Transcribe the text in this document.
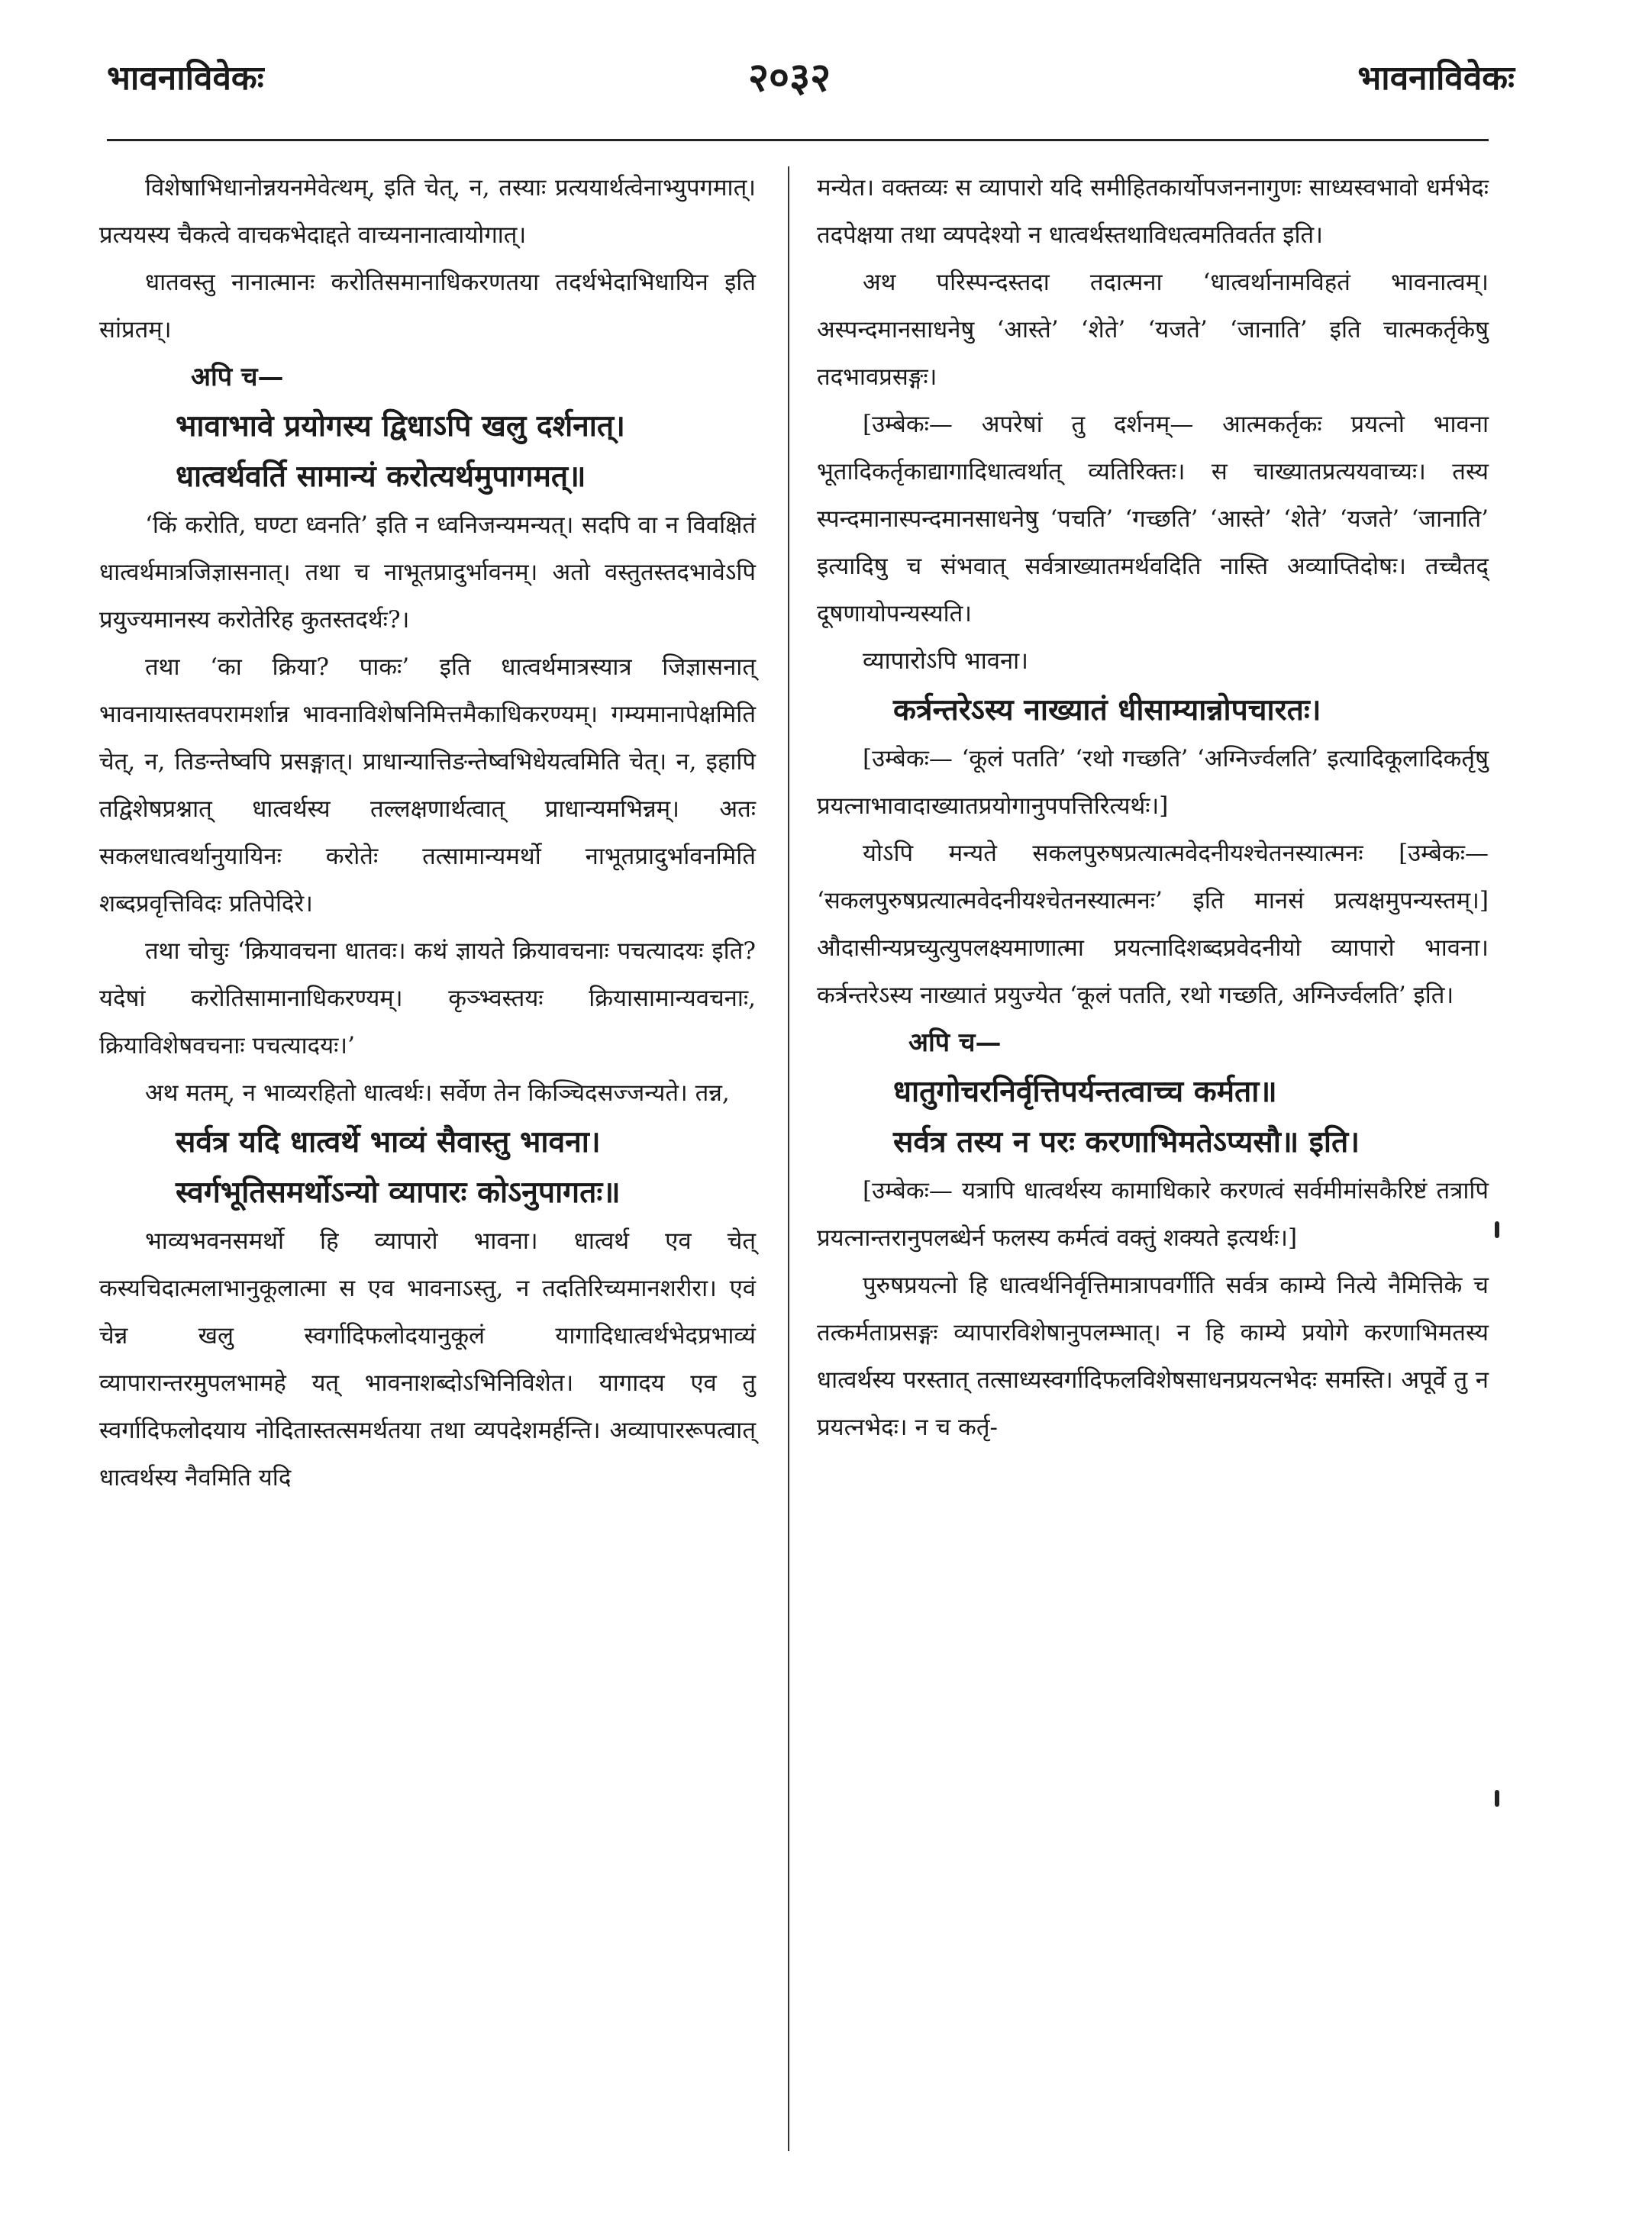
भावनाविवेकः	२०३२	भावनाविवेकः

विशेषाभिधानोन्नयनमेवेत्थम्, इति चेत्, न, तस्याः प्रत्ययार्थत्वेनाभ्युपगमात्। प्रत्ययस्य चैकत्वे वाचकभेदाद्दते वाच्यनानात्वायोगात्।

धातवस्तु नानात्मानः करोतिसमानाधिकरणतया तदर्थभेदाभिधायिन इति सांप्रतम्।

अपि च—

भावाभावे प्रयोगस्य द्विधाऽपि खलु दर्शनात्।

धात्वर्थवर्ति सामान्यं करोत्यर्थमुपागमत्॥

‘किं करोति, घण्टा ध्वनति’ इति न ध्वनिजन्यमन्यत्। सदपि वा न विवक्षितं धात्वर्थमात्रजिज्ञासनात्। तथा च नाभूतप्रादुर्भावनम्। अतो वस्तुतस्तदभावेऽपि प्रयुज्यमानस्य करोतेरिह कुतस्तदर्थः?।

तथा ‘का क्रिया? पाकः’ इति धात्वर्थमात्रस्यात्र जिज्ञासनात् भावनायास्तवपरामर्शान्न भावनाविशेषनिमित्तमैकाधिकरण्यम्। गम्यमानापेक्षमिति चेत्, न, तिङन्तेष्वपि प्रसङ्गात्। प्राधान्यात्तिङन्तेष्वभिधेयत्वमिति चेत्। न, इहापि तद्विशेषप्रश्नात् धात्वर्थस्य तल्लक्षणार्थत्वात् प्राधान्यमभिन्नम्। अतः सकलधात्वर्थानुयायिनः करोतेः तत्सामान्यमर्थो नाभूतप्रादुर्भावनमिति शब्दप्रवृत्तिविदः प्रतिपेदिरे।

तथा चोचुः ‘क्रियावचना धातवः। कथं ज्ञायते क्रियावचनाः पचत्यादयः इति? यदेषां करोतिसामानाधिकरण्यम्। कृञ्भ्वस्तयः क्रियासामान्यवचनाः, क्रियाविशेषवचनाः पचत्यादयः।’

अथ मतम्, न भाव्यरहितो धात्वर्थः। सर्वेण तेन किञ्चिदसज्जन्यते। तन्न,

सर्वत्र यदि धात्वर्थे भाव्यं सैवास्तु भावना।

स्वर्गभूतिसमर्थोऽन्यो व्यापारः कोऽनुपागतः॥

भाव्यभवनसमर्थो हि व्यापारो भावना। धात्वर्थ एव चेत् कस्यचिदात्मलाभानुकूलात्मा स एव भावनाऽस्तु, न तदतिरिच्यमानशरीरा। एवं चेन्न खलु स्वर्गादिफलोदयानुकूलं यागादिधात्वर्थभेदप्रभाव्यं व्यापारान्तरमुपलभामहे यत् भावनाशब्दोऽभिनिविशेत। यागादय एव तु स्वर्गादिफलोदयाय नोदितास्तत्समर्थतया तथा व्यपदेशमर्हन्ति। अव्यापाररूपत्वात् धात्वर्थस्य नैवमिति यदि

मन्येत। वक्तव्यः स व्यापारो यदि समीहितकार्योपजननागुणः साध्यस्वभावो धर्मभेदः तदपेक्षया तथा व्यपदेश्यो न धात्वर्थस्तथाविधत्वमतिवर्तत इति।

अथ परिस्पन्दस्तदा तदात्मना ‘धात्वर्थानामविहतं भावनात्वम्। अस्पन्दमानसाधनेषु ‘आस्ते’ ‘शेते’ ‘यजते’ ‘जानाति’ इति चात्मकर्तृकेषु तदभावप्रसङ्गः।

[उम्बेकः— अपरेषां तु दर्शनम्— आत्मकर्तृकः प्रयत्नो भावना भूतादिकर्तृकाद्यागादिधात्वर्थात् व्यतिरिक्तः। स चाख्यातप्रत्ययवाच्यः। तस्य स्पन्दमानास्पन्दमानसाधनेषु ‘पचति’ ‘गच्छति’ ‘आस्ते’ ‘शेते’ ‘यजते’ ‘जानाति’ इत्यादिषु च संभवात् सर्वत्राख्यातमर्थवदिति नास्ति अव्याप्तिदोषः। तच्चैतद् दूषणायोपन्यस्यति।

व्यापारोऽपि भावना।

कर्त्रन्तरेऽस्य नाख्यातं धीसाम्यान्नोपचारतः।

[उम्बेकः— ‘कूलं पतति’ ‘रथो गच्छति’ ‘अग्निर्ज्वलति’ इत्यादिकूलादिकर्तृषु प्रयत्नाभावादाख्यातप्रयोगानुपपत्तिरित्यर्थः।]

योऽपि मन्यते सकलपुरुषप्रत्यात्मवेदनीयश्चेतनस्यात्मनः [उम्बेकः— ‘सकलपुरुषप्रत्यात्मवेदनीयश्चेतनस्यात्मनः’ इति मानसं प्रत्यक्षमुपन्यस्तम्।] औदासीन्यप्रच्युत्युपलक्ष्यमाणात्मा प्रयत्नादिशब्दप्रवेदनीयो व्यापारो भावना। कर्त्रन्तरेऽस्य नाख्यातं प्रयुज्येत ‘कूलं पतति, रथो गच्छति, अग्निर्ज्वलति’ इति।

अपि च—

धातुगोचरनिर्वृत्तिपर्यन्तत्वाच्च कर्मता॥

सर्वत्र तस्य न परः करणाभिमतेऽप्यसौ॥ इति।

[उम्बेकः— यत्रापि धात्वर्थस्य कामाधिकारे करणत्वं सर्वमीमांसकैरिष्टं तत्रापि प्रयत्नान्तरानुपलब्धेर्न फलस्य कर्मत्वं वक्तुं शक्यते इत्यर्थः।]

पुरुषप्रयत्नो हि धात्वर्थनिर्वृत्तिमात्रापवर्गीति सर्वत्र काम्ये नित्ये नैमित्तिके च तत्कर्मताप्रसङ्गः व्यापारविशेषानुपलम्भात्। न हि काम्ये प्रयोगे करणाभिमतस्य धात्वर्थस्य परस्तात् तत्साध्यस्वर्गादिफलविशेषसाधनप्रयत्नभेदः समस्ति। अपूर्वे तु न प्रयत्नभेदः। न च कर्तृ-
